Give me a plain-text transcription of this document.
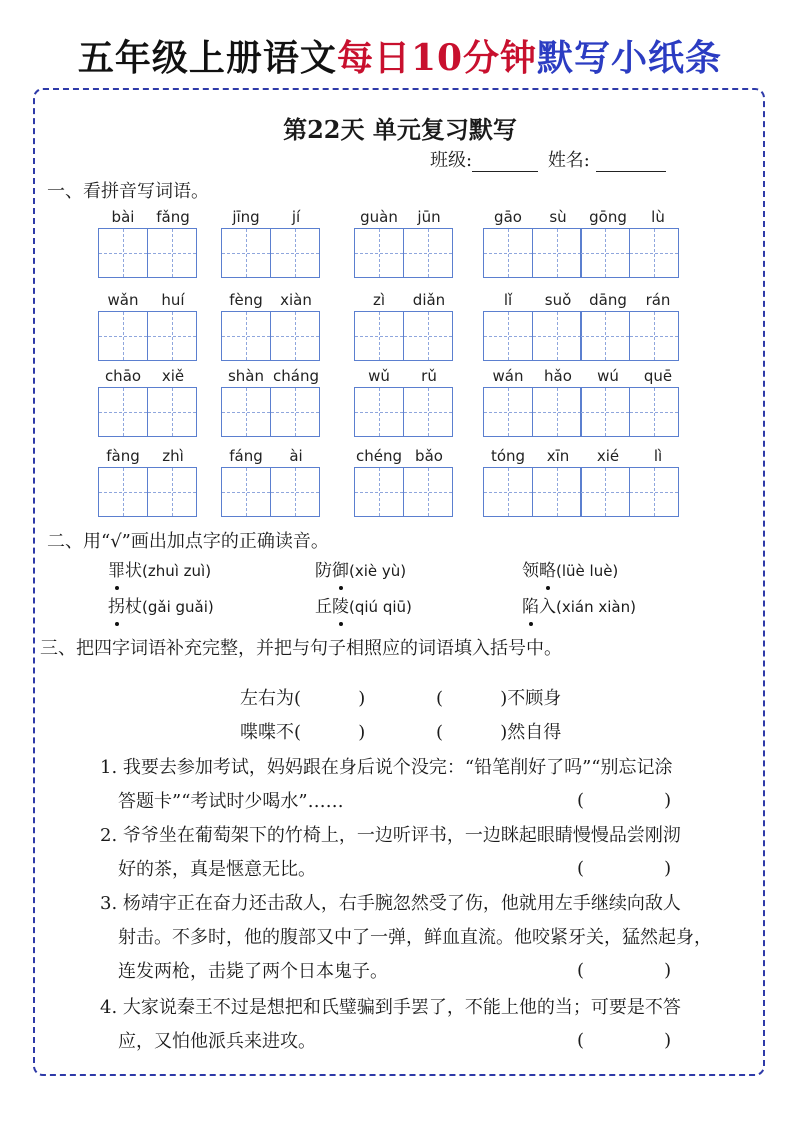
五年级上册语文每日10分钟默写小纸条
第22天 单元复习默写
班级:	姓名:
一、看拼音写词语。
bài	fǎng	jīng	jí	guàn	jūn	gāo	sù	gōng	lù
wǎn	huí	fèng	xiàn	zì	diǎn	lǐ	suǒ	dāng	rán
chāo	xiě	shàn cháng	wǔ	rǔ	wán	hǎo	wú	quē
fàng	zhì	fáng	ài	chéng bǎo	tóng	xīn	xié	lì
二、用“√”画出加点字的正确读音。
罪状(zhuì zuì)	防御(xiè yù)	领略(lüè luè)
拐杖(gǎi guǎi)	丘陵(qiú qiū)	陷入(xián xiàn)
三、把四字词语补充完整，并把与句子相照应的词语填入括号中。
左右为(          )	(          )不顾身
喋喋不(          )	(          )然自得
1. 我要去参加考试，妈妈跟在身后说个没完：“铅笔削好了吗”“别忘记涂
答题卡”“考试时少喝水”……	(              )
2. 爷爷坐在葡萄架下的竹椅上，一边听评书，一边眯起眼睛慢慢品尝刚沏
好的茶，真是惬意无比。	(              )
3. 杨靖宇正在奋力还击敌人，右手腕忽然受了伤，他就用左手继续向敌人
射击。不多时，他的腹部又中了一弹，鲜血直流。他咬紧牙关，猛然起身，
连发两枪，击毙了两个日本鬼子。	(              )
4. 大家说秦王不过是想把和氏璧骗到手罢了，不能上他的当；可要是不答
应，又怕他派兵来进攻。	(              )
